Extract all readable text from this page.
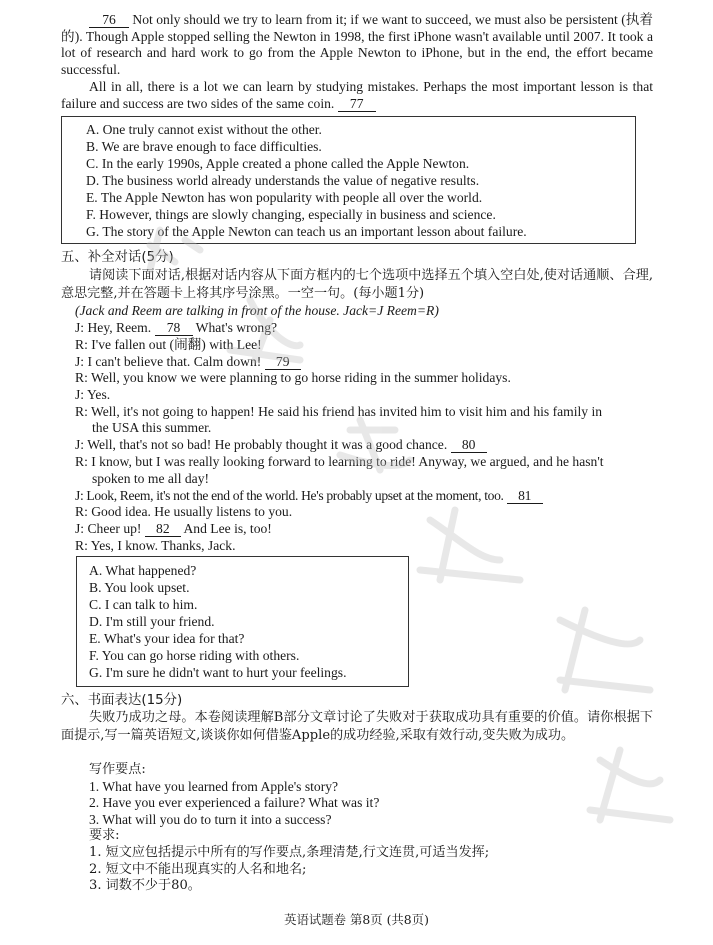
76 Not only should we try to learn from it; if we want to succeed, we must also be persistent (执着的). Though Apple stopped selling the Newton in 1998, the first iPhone wasn't available until 2007. It took a lot of research and hard work to go from the Apple Newton to iPhone, but in the end, the effort became successful.
All in all, there is a lot we can learn by studying mistakes. Perhaps the most important lesson is that failure and success are two sides of the same coin. 77
A. One truly cannot exist without the other.
B. We are brave enough to face difficulties.
C. In the early 1990s, Apple created a phone called the Apple Newton.
D. The business world already understands the value of negative results.
E. The Apple Newton has won popularity with people all over the world.
F. However, things are slowly changing, especially in business and science.
G. The story of the Apple Newton can teach us an important lesson about failure.
五、补全对话(5分)
请阅读下面对话,根据对话内容从下面方框内的七个选项中选择五个填入空白处,使对话通顺、合理,意思完整,并在答题卡上将其序号涂黑。一空一句。(每小题1分)
(Jack and Reem are talking in front of the house. Jack=J Reem=R)
J: Hey, Reem. 78 What's wrong?
R: I've fallen out (闹翻) with Lee!
J: I can't believe that. Calm down! 79
R: Well, you know we were planning to go horse riding in the summer holidays.
J: Yes.
R: Well, it's not going to happen! He said his friend has invited him to visit him and his family in
the USA this summer.
J: Well, that's not so bad! He probably thought it was a good chance. 80
R: I know, but I was really looking forward to learning to ride! Anyway, we argued, and he hasn't
spoken to me all day!
J: Look, Reem, it's not the end of the world. He's probably upset at the moment, too. 81
R: Good idea. He usually listens to you.
J: Cheer up! 82 And Lee is, too!
R: Yes, I know. Thanks, Jack.
A. What happened?
B. You look upset.
C. I can talk to him.
D. I'm still your friend.
E. What's your idea for that?
F. You can go horse riding with others.
G. I'm sure he didn't want to hurt your feelings.
六、书面表达(15分)
失败乃成功之母。本卷阅读理解B部分文章讨论了失败对于获取成功具有重要的价值。请你根据下面提示,写一篇英语短文,谈谈你如何借鉴Apple的成功经验,采取有效行动,变失败为成功。
写作要点:
1. What have you learned from Apple's story?
2. Have you ever experienced a failure? What was it?
3. What will you do to turn it into a success?
要求:
1. 短文应包括提示中所有的写作要点,条理清楚,行文连贯,可适当发挥;
2. 短文中不能出现真实的人名和地名;
3. 词数不少于80。
英语试题卷 第8页 (共8页)
